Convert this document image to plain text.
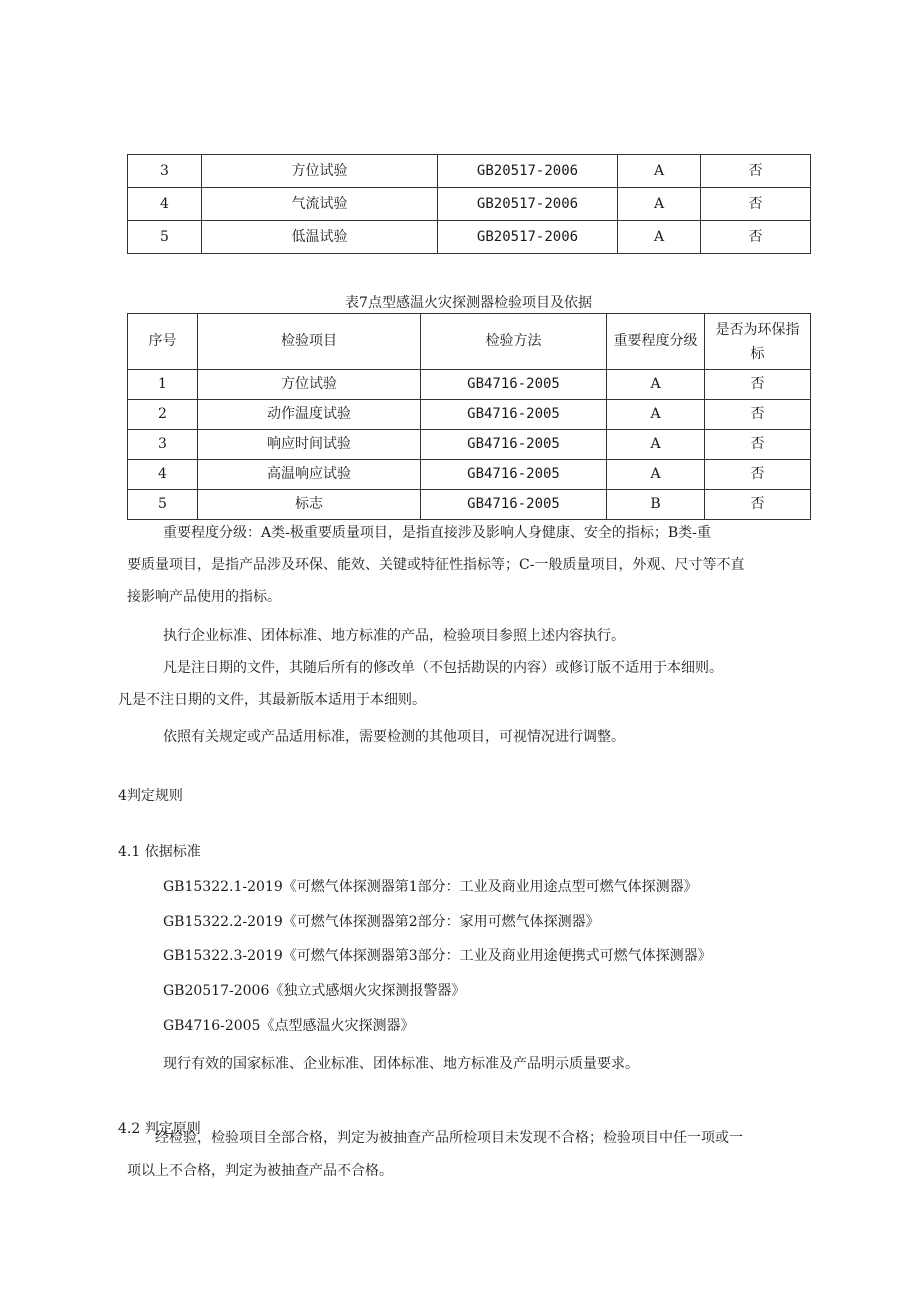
3	方位试验	GB20517-2006	A	否
4	气流试验	GB20517-2006	A	否
5	低温试验	GB20517-2006	A	否
表7点型感温火灾探测器检验项目及依据
序号	检验项目	检验方法	重要程度分级	是否为环保指
标
1	方位试验	GB4716-2005	A	否
2	动作温度试验	GB4716-2005	A	否
3	响应时间试验	GB4716-2005	A	否
4	高温响应试验	GB4716-2005	A	否
5	标志	GB4716-2005	B	否
重要程度分级：A类-极重要质量项目，是指直接涉及影响人身健康、安全的指标；B类-重
要质量项目，是指产品涉及环保、能效、关键或特征性指标等；C-一般质量项目，外观、尺寸等不直
接影响产品使用的指标。
执行企业标准、团体标准、地方标准的产品，检验项目参照上述内容执行。
凡是注日期的文件，其随后所有的修改单（不包括勘误的内容）或修订版不适用于本细则。
凡是不注日期的文件，其最新版本适用于本细则。
依照有关规定或产品适用标准，需要检测的其他项目，可视情况进行调整。
4判定规则
4.1 依据标准
GB15322.1-2019《可燃气体探测器第1部分：工业及商业用途点型可燃气体探测器》
GB15322.2-2019《可燃气体探测器第2部分：家用可燃气体探测器》
GB15322.3-2019《可燃气体探测器第3部分：工业及商业用途便携式可燃气体探测器》
GB20517-2006《独立式感烟火灾探测报警器》
GB4716-2005《点型感温火灾探测器》
现行有效的国家标准、企业标准、团体标准、地方标准及产品明示质量要求。
4.2 判定原则
经检验，检验项目全部合格，判定为被抽查产品所检项目未发现不合格；检验项目中任一项或一
项以上不合格，判定为被抽查产品不合格。
